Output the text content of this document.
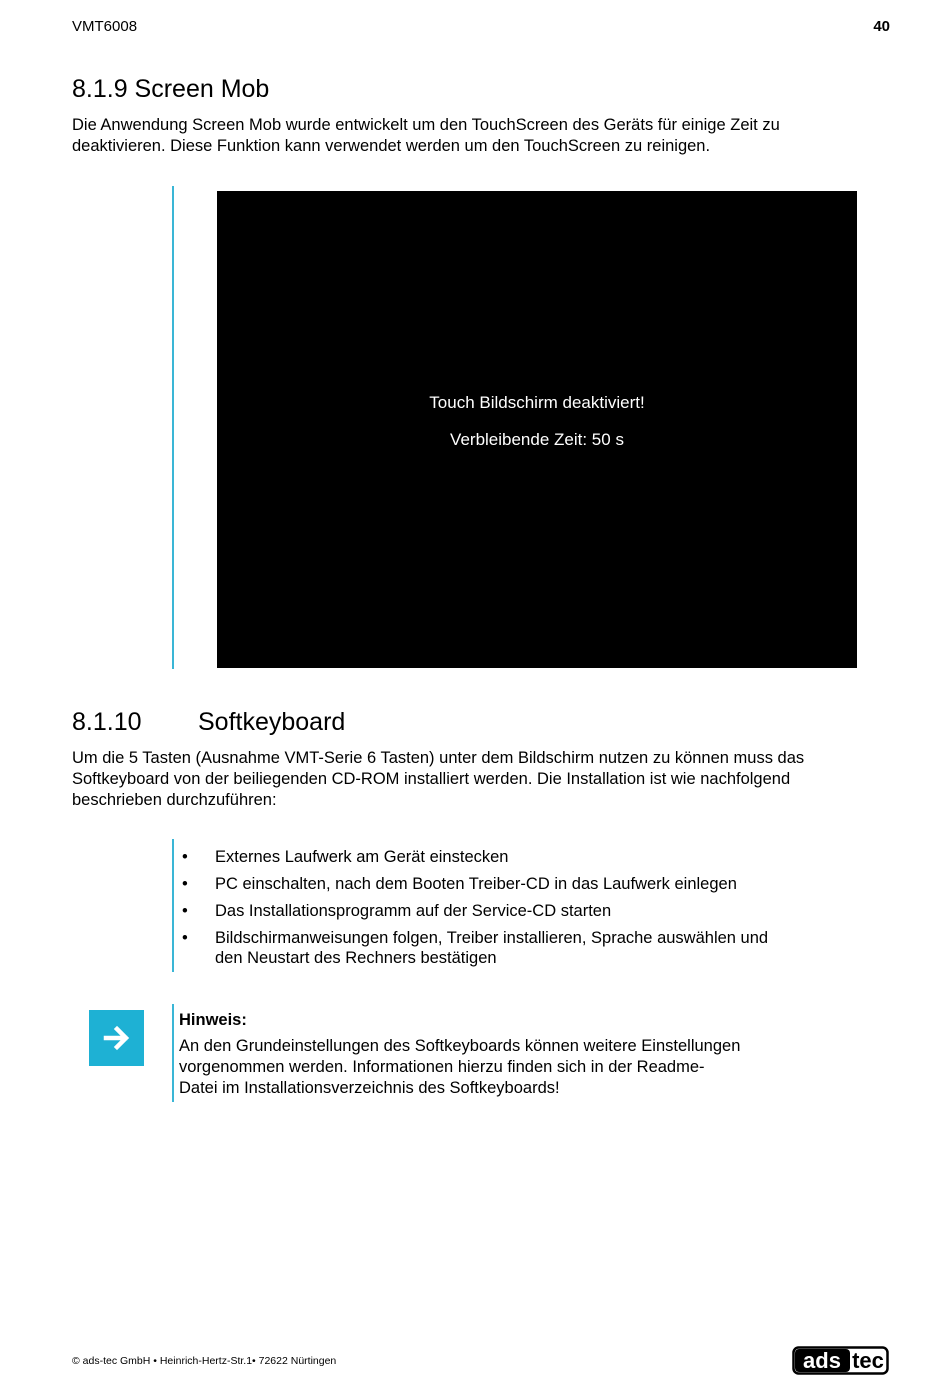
VMT6008	40
8.1.9 Screen Mob
Die Anwendung Screen Mob wurde entwickelt um den TouchScreen des Geräts für einige Zeit zu
deaktivieren. Diese Funktion kann verwendet werden um den TouchScreen zu reinigen.
Touch Bildschirm deaktiviert!
Verbleibende Zeit: 50 s
8.1.10 Softkeyboard
Um die 5 Tasten (Ausnahme VMT-Serie 6 Tasten) unter dem Bildschirm nutzen zu können muss das
Softkeyboard von der beiliegenden CD-ROM installiert werden. Die Installation ist wie nachfolgend
beschrieben durchzuführen:
• Externes Laufwerk am Gerät einstecken
• PC einschalten, nach dem Booten Treiber-CD in das Laufwerk einlegen
• Das Installationsprogramm auf der Service-CD starten
• Bildschirmanweisungen folgen, Treiber installieren, Sprache auswählen und
den Neustart des Rechners bestätigen
Hinweis:
An den Grundeinstellungen des Softkeyboards können weitere Einstellungen
vorgenommen werden. Informationen hierzu finden sich in der Readme-
Datei im Installationsverzeichnis des Softkeyboards!
© ads-tec GmbH • Heinrich-Hertz-Str.1• 72622 Nürtingen	ads tec
